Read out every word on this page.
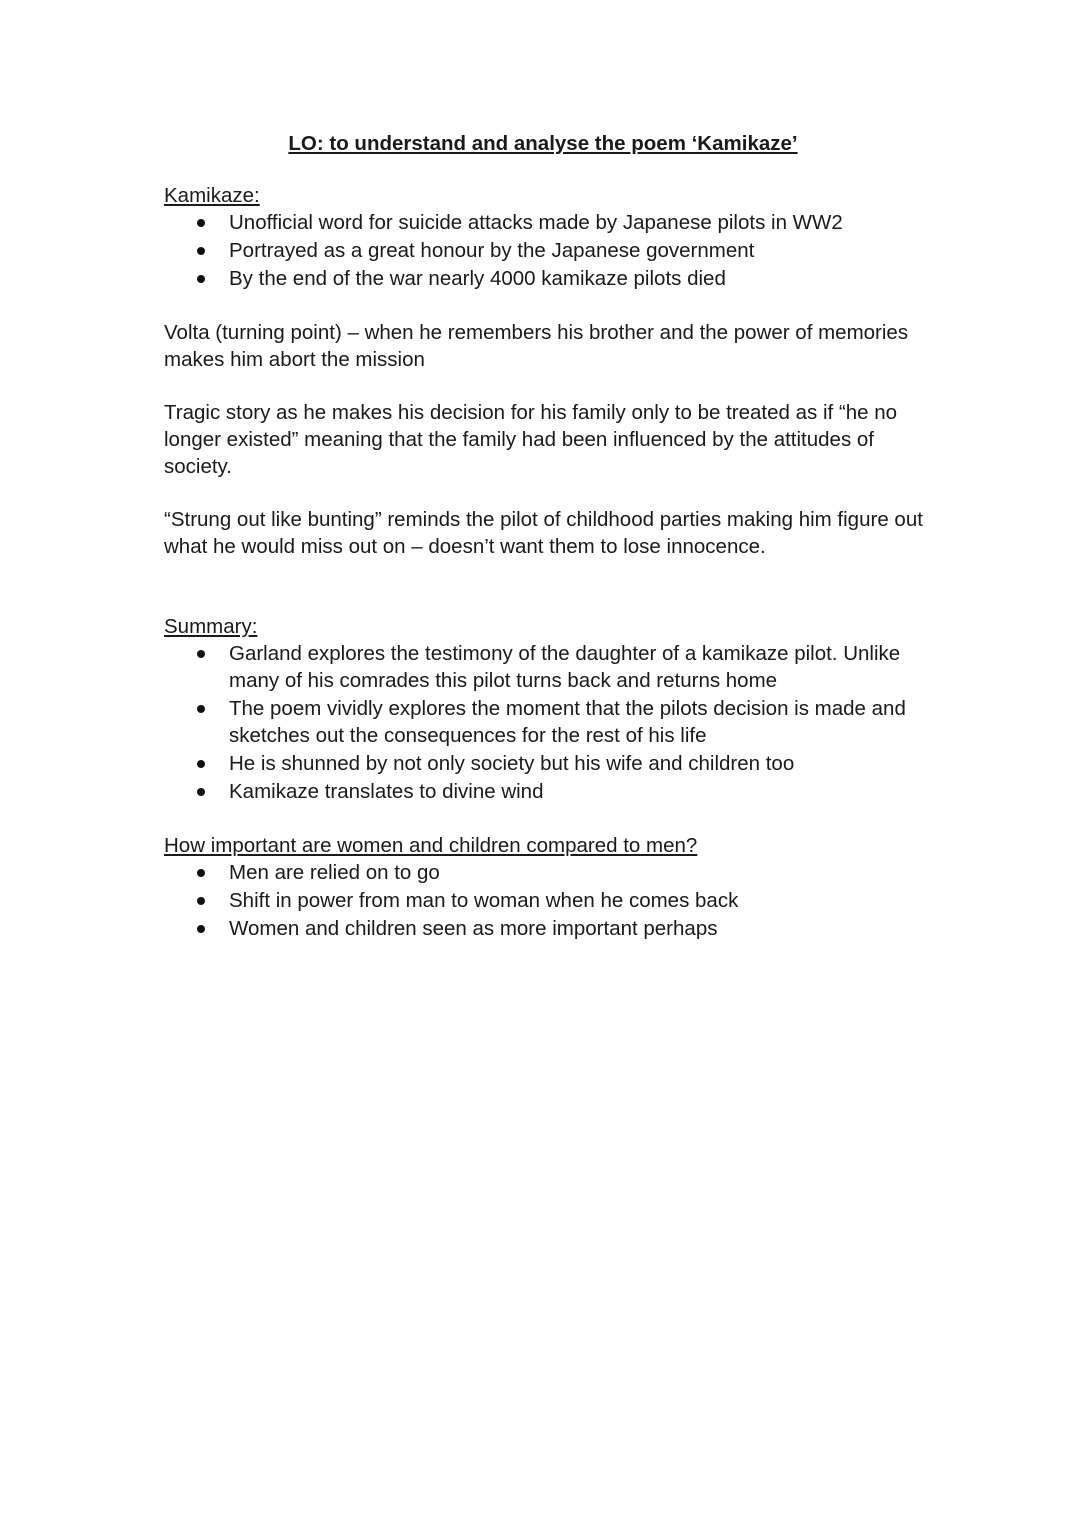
LO: to understand and analyse the poem ‘Kamikaze’
Kamikaze:
Unofficial word for suicide attacks made by Japanese pilots in WW2
Portrayed as a great honour by the Japanese government
By the end of the war nearly 4000 kamikaze pilots died

Volta (turning point) – when he remembers his brother and the power of memories makes him abort the mission

Tragic story as he makes his decision for his family only to be treated as if “he no longer existed” meaning that the family had been influenced by the attitudes of society.

“Strung out like bunting” reminds the pilot of childhood parties making him figure out what he would miss out on – doesn’t want them to lose innocence.

Summary:
Garland explores the testimony of the daughter of a kamikaze pilot. Unlike many of his comrades this pilot turns back and returns home
The poem vividly explores the moment that the pilots decision is made and sketches out the consequences for the rest of his life
He is shunned by not only society but his wife and children too
Kamikaze translates to divine wind
How important are women and children compared to men?
Men are relied on to go
Shift in power from man to woman when he comes back
Women and children seen as more important perhaps
